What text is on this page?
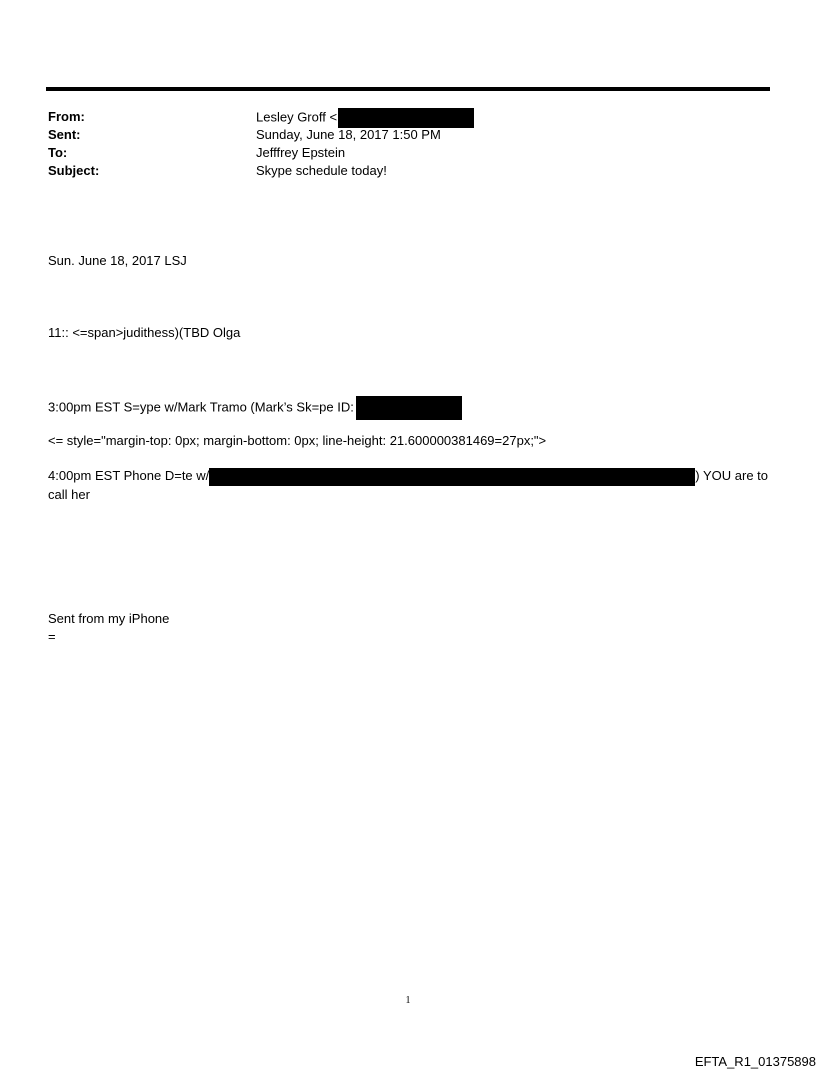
From:	Lesley Groff <
Sent:	Sunday, June 18, 2017 1:50 PM
To:	Jefffrey Epstein
Subject:	Skype schedule today!
Sun. June 18, 2017 LSJ
11:: <=span>judithess)(TBD Olga
3:00pm EST S=ype w/Mark Tramo (Mark’s Sk=pe ID:
<= style="margin-top: 0px; margin-bottom: 0px; line-height: 21.600000381469=27px;">
4:00pm EST Phone D=te w/	) YOU are to
call her
Sent from my iPhone
=
1
EFTA_R1_01375898
